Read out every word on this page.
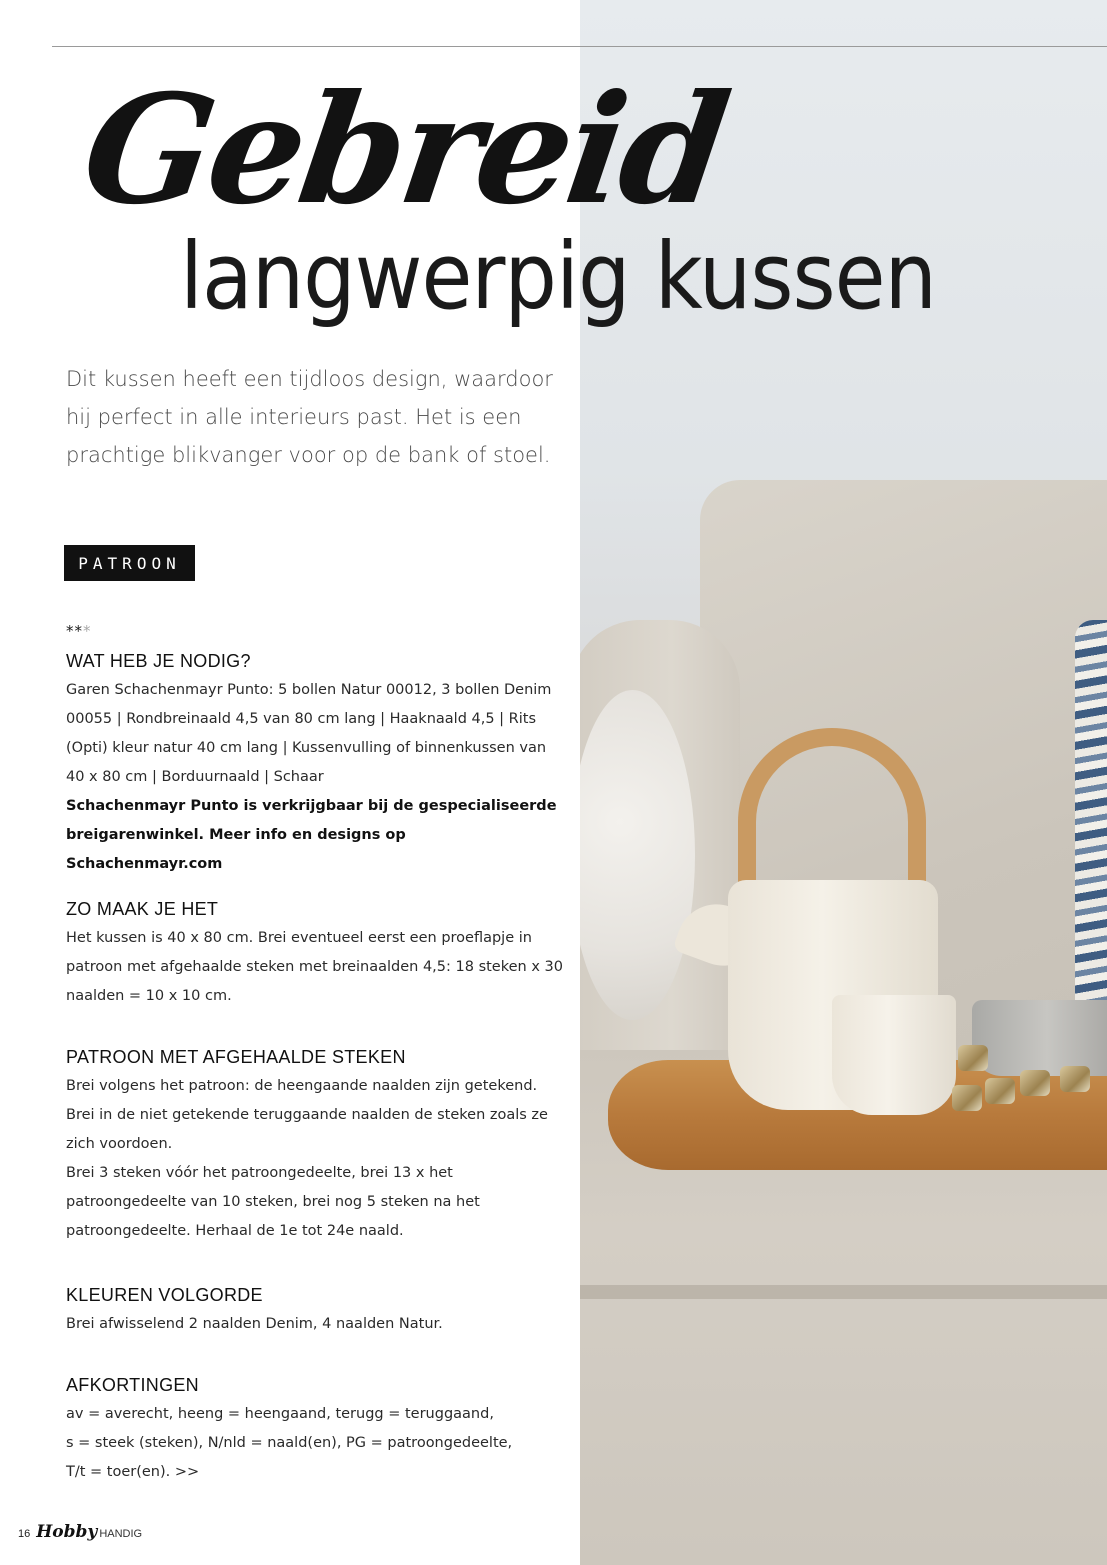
Gebreid
langwerpig kussen

Dit kussen heeft een tijdloos design, waardoor hij perfect in alle interieurs past. Het is een prachtige blikvanger voor op de bank of stoel.

PATROON
***
WAT HEB JE NODIG?

Garen Schachenmayr Punto: 5 bollen Natur 00012, 3 bollen Denim 00055 | Rondbreinaald 4,5 van 80 cm lang | Haaknaald 4,5 | Rits (Opti) kleur natur 40 cm lang | Kussenvulling of binnenkussen van 40 x 80 cm | Borduurnaald | Schaar

Schachenmayr Punto is verkrijgbaar bij de gespecialiseerde breigarenwinkel. Meer info en designs op Schachenmayr.com

ZO MAAK JE HET

Het kussen is 40 x 80 cm. Brei eventueel eerst een proeflapje in patroon met afgehaalde steken met breinaalden 4,5: 18 steken x 30 naalden = 10 x 10 cm.

PATROON MET AFGEHAALDE STEKEN

Brei volgens het patroon: de heengaande naalden zijn getekend. Brei in de niet getekende teruggaande naalden de steken zoals ze zich voordoen.

Brei 3 steken vóór het patroongedeelte, brei 13 x het patroongedeelte van 10 steken, brei nog 5 steken na het patroongedeelte. Herhaal de 1e tot 24e naald.

KLEUREN VOLGORDE

Brei afwisselend 2 naalden Denim, 4 naalden Natur.

AFKORTINGEN

av = averecht, heeng = heengaand, terugg = teruggaand,

s = steek (steken), N/nld = naald(en), PG = patroongedeelte,

T/t = toer(en). >>

16 Hobby HANDIG
